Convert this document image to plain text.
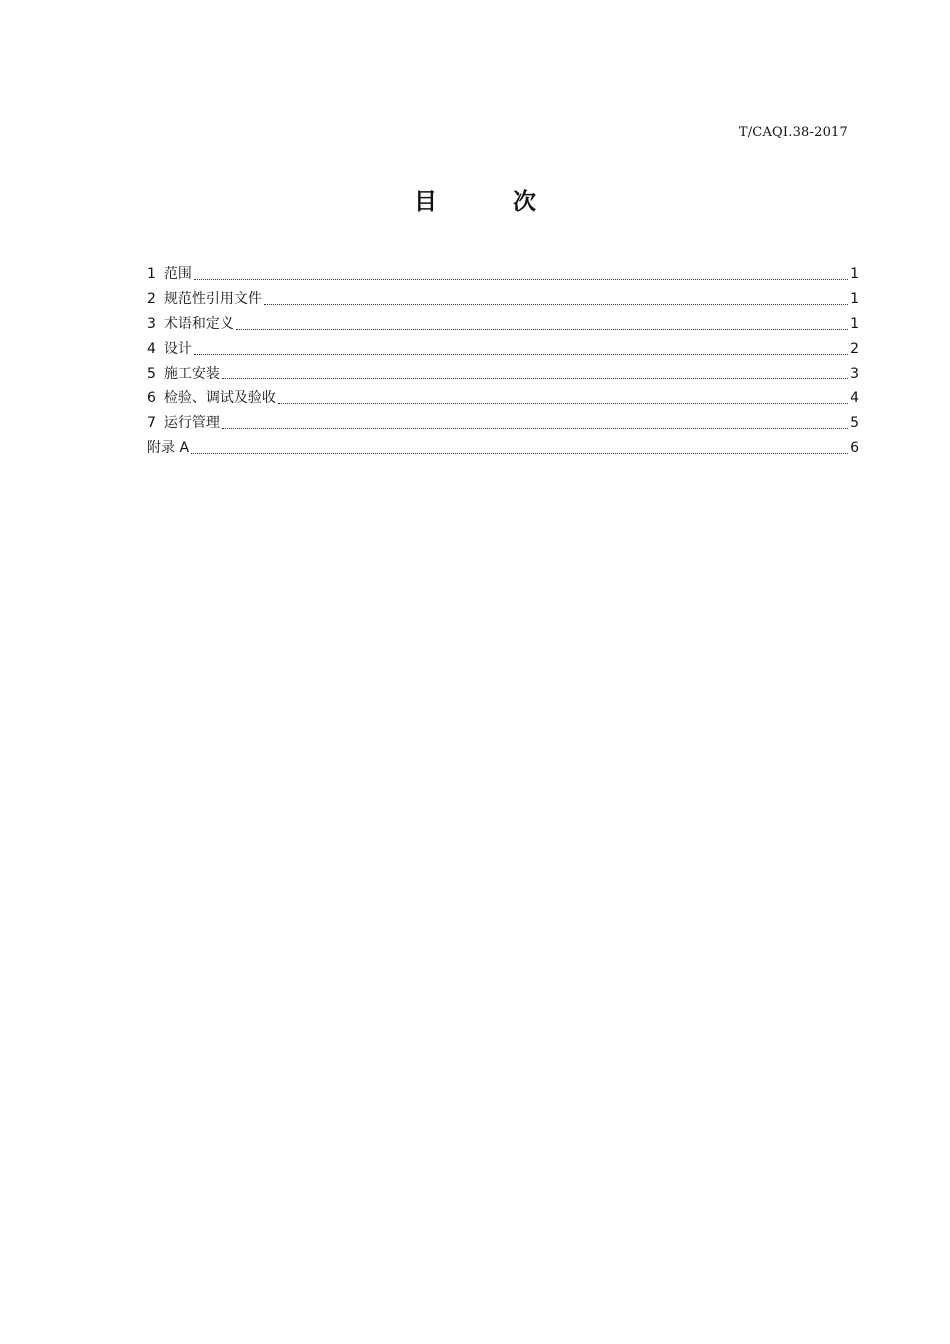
T/CAQI.38-2017
目 次
1 范围	1
2 规范性引用文件	1
3 术语和定义	1
4 设计	2
5 施工安装	3
6 检验、调试及验收	4
7 运行管理	5
附录 A	6
